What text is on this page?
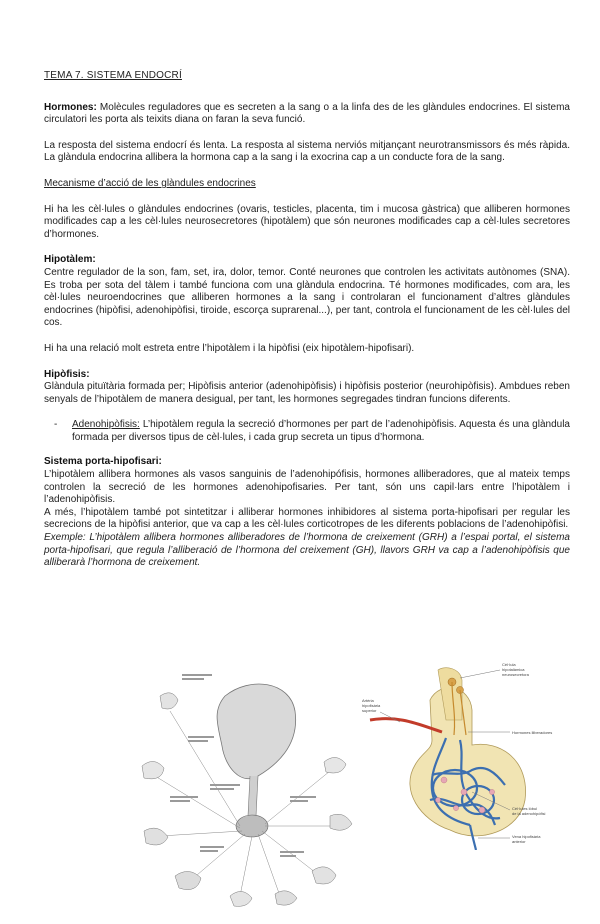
TEMA 7. SISTEMA ENDOCRÍ

Hormones: Molècules reguladores que es secreten a la sang o a la linfa des de les glàndules endocrines. El sistema circulatori les porta als teixits diana on faran la seva funció.

La resposta del sistema endocrí és lenta. La resposta al sistema nerviós mitjançant neurotransmissors és més ràpida. La glàndula endocrina allibera la hormona cap a la sang i la exocrina cap a un conducte fora de la sang.

Mecanisme d’acció de les glàndules endocrines

Hi ha les cèl·lules o glàndules endocrines (ovaris, testicles, placenta, tim i mucosa gàstrica) que alliberen hormones modificades cap a les cèl·lules neurosecretores (hipotàlem) que són neurones modificades cap a cèl·lules secretores d’hormones.

Hipotàlem:

Centre regulador de la son, fam, set, ira, dolor, temor. Conté neurones que controlen les activitats autònomes (SNA). Es troba per sota del tàlem i també funciona com una glàndula endocrina. Té hormones modificades, com ara, les cèl·lules neuroendocrines que alliberen hormones a la sang i controlaran el funcionament d’altres glàndules endocrines (hipòfisi, adenohipòfisi, tiroide, escorça suprarenal...), per tant, controla el funcionament de les cèl·lules del cos.

Hi ha una relació molt estreta entre l’hipotàlem i la hipòfisi (eix hipotàlem-hipofisari).

Hipòfisis:

Glàndula pituïtària formada per; Hipòfisis anterior (adenohipòfisis) i hipòfisis posterior (neurohipòfisis). Ambdues reben senyals de l’hipotàlem de manera desigual, per tant, les hormones segregades tindran funcions diferents.

-	Adenohipòfisis: L’hipotàlem regula la secreció d’hormones per part de l’adenohipòfisis. Aquesta és una glàndula formada per diversos tipus de cèl·lules, i cada grup secreta un tipus d’hormona.

Sistema porta-hipofisari:

L’hipotàlem allibera hormones als vasos sanguinis de l’adenohipófisis, hormones alliberadores, que al mateix temps controlen la secreció de les hormones adenohipofisaries. Per tant, són uns capil·lars entre l’hipotàlem i l’adenohipòfisis.

A més, l’hipotàlem també pot sintetitzar i alliberar hormones inhibidores al sistema porta-hipofisari per regular les secrecions de la hipòfisi anterior, que va cap a les cèl·lules corticotropes de les diferents poblacions de l’adenohipòfisi.

Exemple: L’hipotàlem allibera hormones alliberadores de l’hormona de creixement (GRH) a l’espai portal, el sistema porta-hipofisari, que regula l’alliberació de l’hormona del creixement (GH), llavors GRH va cap a l’adenohipòfisis que alliberarà l’hormona de creixement.

Cèl·lula
hipotalàmica
neurosecretora
Artèria
hipofisària
superior
Hormones lliberadores
Cèl·lules lòbul
de la adenohipòfisi
Vena hipofisària
anterior
